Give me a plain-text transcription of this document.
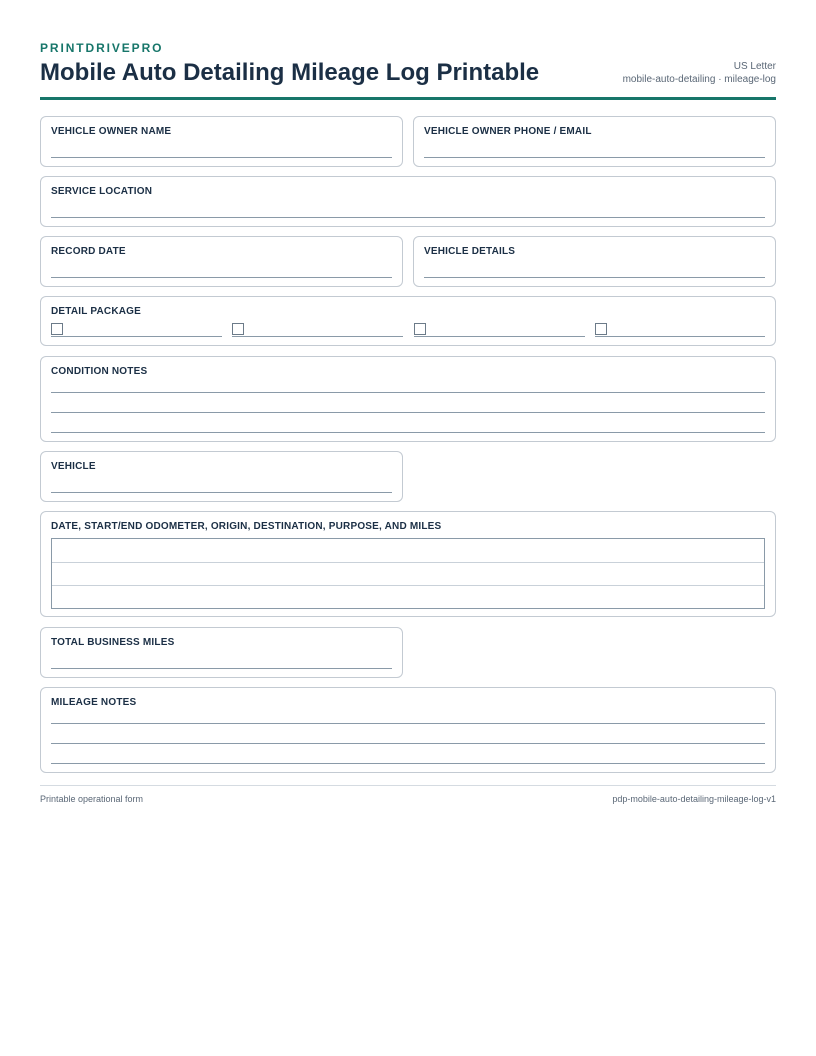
PRINTDRIVEPRO
Mobile Auto Detailing Mileage Log Printable	US Letter
mobile-auto-detailing · mileage-log
VEHICLE OWNER NAME	VEHICLE OWNER PHONE / EMAIL
SERVICE LOCATION
RECORD DATE	VEHICLE DETAILS
DETAIL PACKAGE
CONDITION NOTES
VEHICLE
DATE, START/END ODOMETER, ORIGIN, DESTINATION, PURPOSE, AND MILES
TOTAL BUSINESS MILES
MILEAGE NOTES
Printable operational form	pdp-mobile-auto-detailing-mileage-log-v1
